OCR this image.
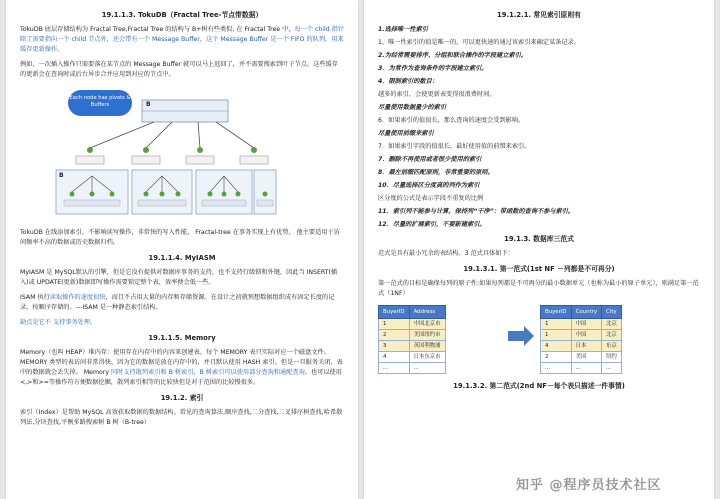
19.1.1.3. TokuDB（Fractal Tree-节点带数据）

TokuDB 底层存储结构为 Fractal Tree,Fractal Tree 的结构与 B+树有些类似, 在 Fractal Tree 中，每一个 child 指针除了需要指向一个 child 节点外，还会带有一个 Message Buffer，这个 Message Buffer 是一个 FIFO 的队列，用来缓存更新操作。

例如，一次插入操作只需要落在某节点的 Message Buffer 就可以马上返回了，并不需要搜索到叶子节点。这些缓存的更新会在查询时或后台异步合并应用到对应的节点中。

Each node has pivots & Buffers	B
B

TokuDB 在线添加索引，不影响读写操作，非常快的写入性能， Fractal-tree 在事务实现上有优势。 他主要适用于访问频率不高的数据或历史数据归档。

19.1.1.4. MyIASM

MyIASM 是 MySQL默认的引擎，但是它没有提供对数据库事务的支持，也不支持行级锁和外键，因此当 INSERT(插入)或 UPDATE(更新)数据即写操作需要锁定整个表，效率便会低一些。

ISAM 执行读取操作的速度很快，而且不占用大量的内存和存储资源。在设计之初就预想数据组织成有固定长度的记录，按顺序存储的。---ISAM 是一种静态索引结构。

缺点是它不 支持事务处理。

19.1.1.5. Memory

Memory（也叫 HEAP）堆内存：使用存在内存中的内容来创建表。每个 MEMORY 表只实际对应一个磁盘文件。MEMORY 类型的表访问非常得快，因为它的数据是放在内存中的，并且默认使用 HASH 索引。但是一旦服务关闭，表中的数据就会丢失掉。 Memory 同时支持散列索引和 B 树索引，B 树索引可以使用部分查询和通配查询，也可以使用<,>和>=等操作符方便数据挖掘，散列索引相等的比较快但是对于范围的比较慢很多。

19.1.2. 索引

索引（Index）是帮助 MySQL 高效获取数据的数据结构。常见的查询算法,顺序查找,二分查找,二叉排序树查找,哈希散列法,分块查找,平衡多路搜索树 B 树（B-tree）

19.1.2.1. 常见索引原则有
1.选择唯一性索引
1、唯一性索引的值是唯一的，可以更快速的通过该索引来确定某条记录。
2.为经常需要排序、分组和联合操作的字段建立索引。
3．为常作为查询条件的字段建立索引。
4．限制索引的数目：
越多的索引，会使更新表变得很浪费时间。
尽量使用数据量少的索引
6．如果索引的值很长，那么查询的速度会受到影响。
尽量使用前缀来索引
7．如果索引字段的值很长，最好使用值的前缀来索引。
7．删除不再使用或者很少使用的索引
8．最左前缀匹配原则，非常重要的原则。
10．尽量选择区分度高的列作为索引
区分度的公式是表示字段不重复的比例
11．索引列不能参与计算，保持列“干净”：带函数的查询不参与索引。
12．尽量的扩展索引，不要新建索引。
19.1.3. 数据库三范式

范式是具有最小冗余的表结构。3 范式具体如下：

19.1.3.1. 第一范式(1st NF －列都是不可再分)

第一范式的目标是确保每列的原子性:如果每列都是不可再分的最小数据单元（也称为最小的原子单元），则满足第一范式（1NF）

BuyerID	Address
1	中国北京市
2	美国纽约市
3	英国利物浦
4	日本东京市
...	...
BuyerID	Country	City
1	中国	北京
1	中国	北京
4	日本	东京
2	美国	纽约
...	...	...
19.1.3.2. 第二范式(2nd NF－每个表只描述一件事情)
知乎 @程序员技术社区
